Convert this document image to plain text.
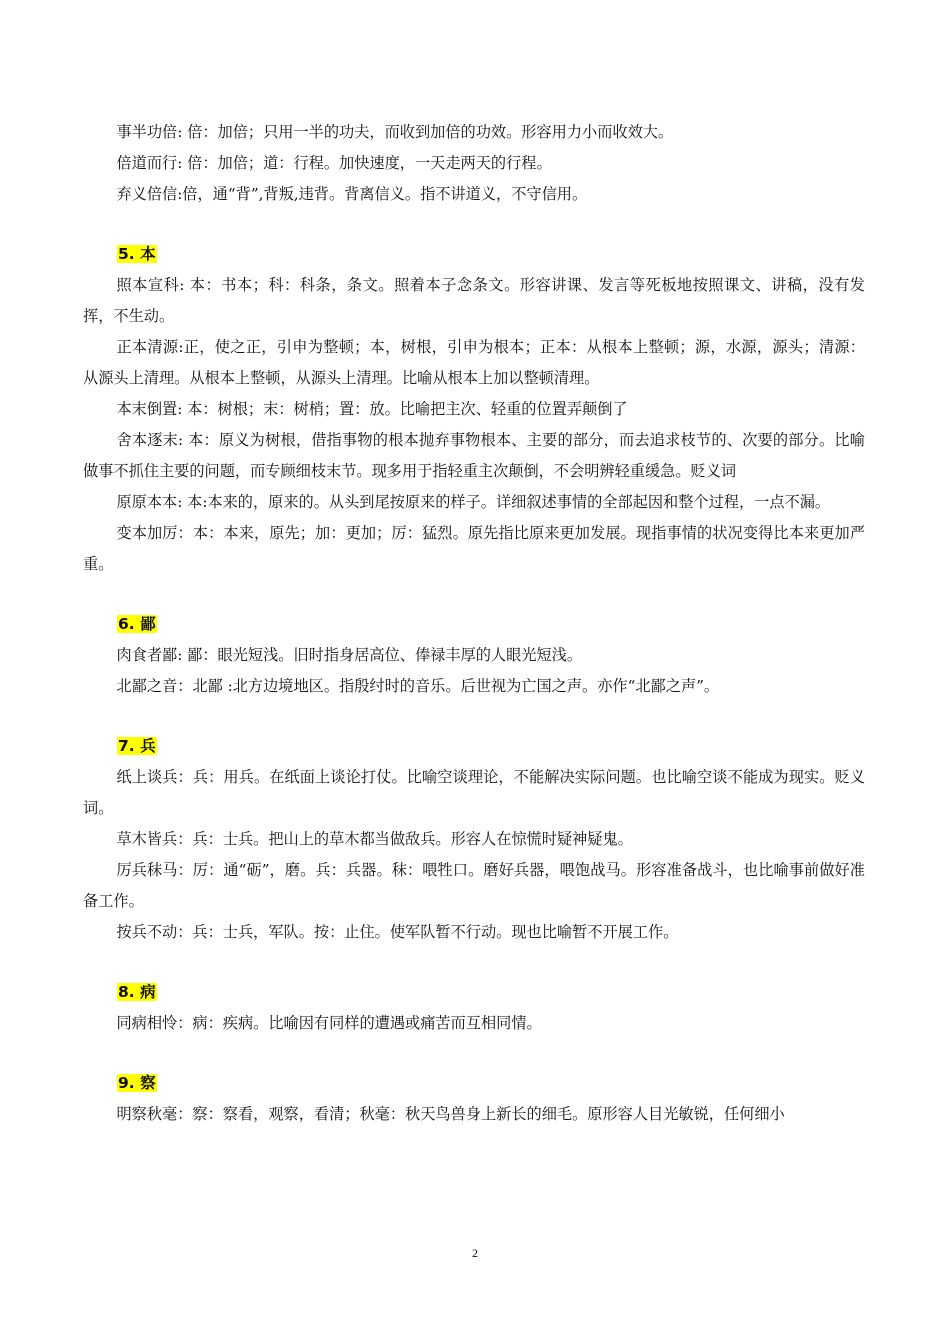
事半功倍: 倍：加倍；只用一半的功夫，而收到加倍的功效。形容用力小而收效大。

倍道而行: 倍：加倍；道：行程。加快速度，一天走两天的行程。

弃义倍信:倍，通“背”,背叛,违背。背离信义。指不讲道义，不守信用。

5. 本

照本宣科: 本：书本；科：科条，条文。照着本子念条文。形容讲课、发言等死板地按照课文、讲稿，没有发挥，不生动。

正本清源:正，使之正，引申为整顿；本，树根，引申为根本；正本：从根本上整顿；源，水源，源头；清源：从源头上清理。从根本上整顿，从源头上清理。比喻从根本上加以整顿清理。

本末倒置: 本：树根；末：树梢；置：放。比喻把主次、轻重的位置弄颠倒了

舍本逐末: 本：原义为树根，借指事物的根本抛弃事物根本、主要的部分，而去追求枝节的、次要的部分。比喻做事不抓住主要的问题，而专顾细枝末节。现多用于指轻重主次颠倒，不会明辨轻重缓急。贬义词

原原本本: 本:本来的，原来的。从头到尾按原来的样子。详细叙述事情的全部起因和整个过程，一点不漏。

变本加厉：本：本来，原先；加：更加；厉：猛烈。原先指比原来更加发展。现指事情的状况变得比本来更加严重。

6. 鄙

肉食者鄙: 鄙：眼光短浅。旧时指身居高位、俸禄丰厚的人眼光短浅。

北鄙之音：北鄙 :北方边境地区。指殷纣时的音乐。后世视为亡国之声。亦作“北鄙之声”。

7. 兵

纸上谈兵：兵：用兵。在纸面上谈论打仗。比喻空谈理论，不能解决实际问题。也比喻空谈不能成为现实。贬义词。

草木皆兵：兵：士兵。把山上的草木都当做敌兵。形容人在惊慌时疑神疑鬼。

厉兵秣马：厉：通“砺”，磨。兵：兵器。秣：喂牲口。磨好兵器，喂饱战马。形容准备战斗，也比喻事前做好准备工作。

按兵不动：兵：士兵，军队。按：止住。使军队暂不行动。现也比喻暂不开展工作。

8. 病

同病相怜：病：疾病。比喻因有同样的遭遇或痛苦而互相同情。

9. 察

明察秋毫：察：察看，观察，看清；秋毫：秋天鸟兽身上新长的细毛。原形容人目光敏锐，任何细小

2
